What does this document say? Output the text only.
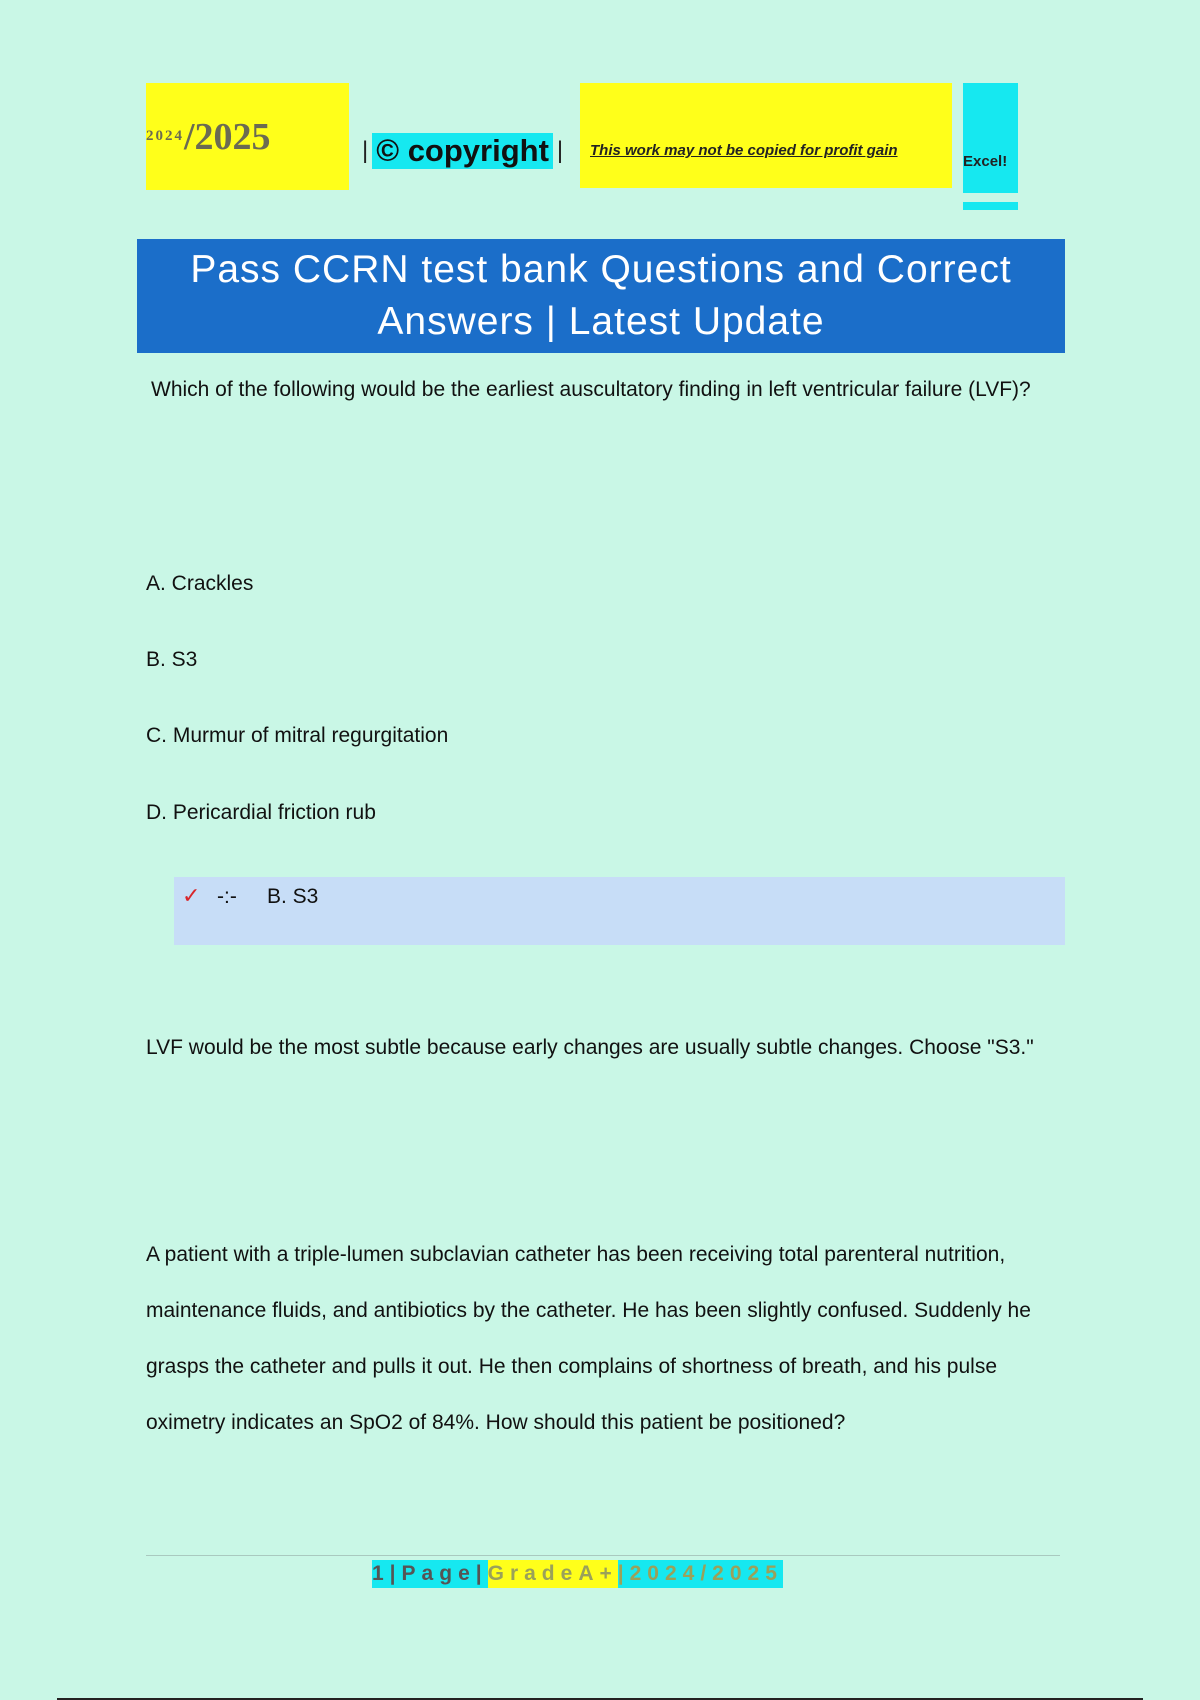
2024 /2025	| © copyright | This work may not be copied for profit gain
Excel!
Pass CCRN test bank Questions and Correct
Answers | Latest Update
Which of the following would be the earliest auscultatory finding in left ventricular failure (LVF)?
A. Crackles
B. S3
C. Murmur of mitral regurgitation
D. Pericardial friction rub
✓ -:- B. S3
LVF would be the most subtle because early changes are usually subtle changes. Choose "S3."
A patient with a triple-lumen subclavian catheter has been receiving total parenteral nutrition, maintenance fluids, and antibiotics by the catheter. He has been slightly confused. Suddenly he grasps the catheter and pulls it out. He then complains of shortness of breath, and his pulse oximetry indicates an SpO2 of 84%. How should this patient be positioned?
1|Page| GradeA+ |2024/2025
